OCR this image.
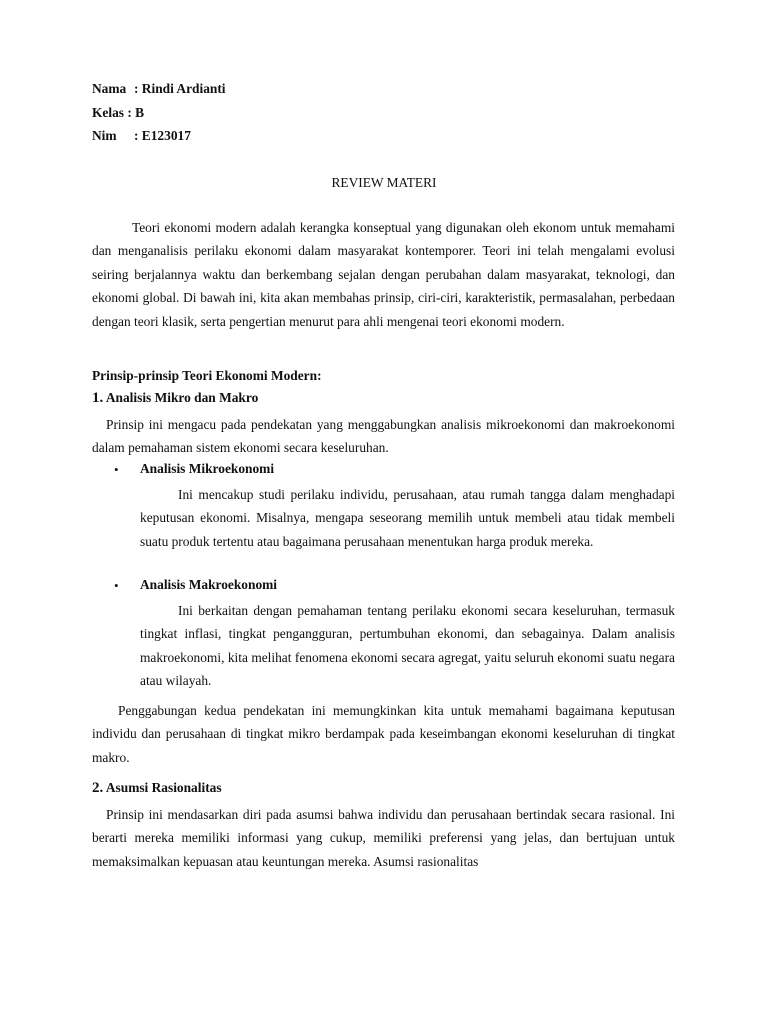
Nama : Rindi Ardianti
Kelas : B
Nim : E123017
REVIEW MATERI
Teori ekonomi modern adalah kerangka konseptual yang digunakan oleh ekonom untuk memahami dan menganalisis perilaku ekonomi dalam masyarakat kontemporer. Teori ini telah mengalami evolusi seiring berjalannya waktu dan berkembang sejalan dengan perubahan dalam masyarakat, teknologi, dan ekonomi global. Di bawah ini, kita akan membahas prinsip, ciri-ciri, karakteristik, permasalahan, perbedaan dengan teori klasik, serta pengertian menurut para ahli mengenai teori ekonomi modern.
Prinsip-prinsip Teori Ekonomi Modern:
1. Analisis Mikro dan Makro
Prinsip ini mengacu pada pendekatan yang menggabungkan analisis mikroekonomi dan makroekonomi dalam pemahaman sistem ekonomi secara keseluruhan.
• Analisis Mikroekonomi
Ini mencakup studi perilaku individu, perusahaan, atau rumah tangga dalam menghadapi keputusan ekonomi. Misalnya, mengapa seseorang memilih untuk membeli atau tidak membeli suatu produk tertentu atau bagaimana perusahaan menentukan harga produk mereka.
• Analisis Makroekonomi
Ini berkaitan dengan pemahaman tentang perilaku ekonomi secara keseluruhan, termasuk tingkat inflasi, tingkat pengangguran, pertumbuhan ekonomi, dan sebagainya. Dalam analisis makroekonomi, kita melihat fenomena ekonomi secara agregat, yaitu seluruh ekonomi suatu negara atau wilayah.
Penggabungan kedua pendekatan ini memungkinkan kita untuk memahami bagaimana keputusan individu dan perusahaan di tingkat mikro berdampak pada keseimbangan ekonomi keseluruhan di tingkat makro.
2. Asumsi Rasionalitas
Prinsip ini mendasarkan diri pada asumsi bahwa individu dan perusahaan bertindak secara rasional. Ini berarti mereka memiliki informasi yang cukup, memiliki preferensi yang jelas, dan bertujuan untuk memaksimalkan kepuasan atau keuntungan mereka. Asumsi rasionalitas
